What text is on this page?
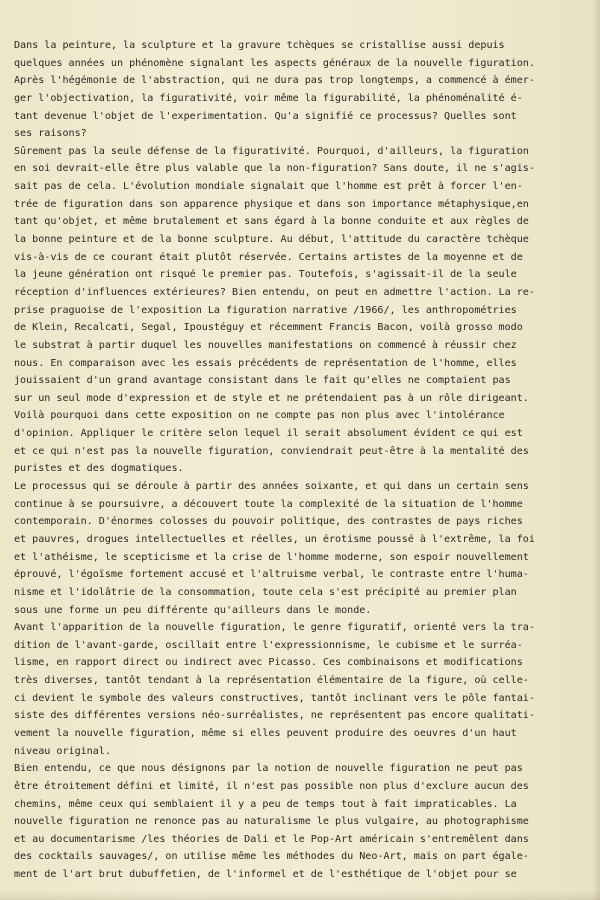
Dans la peinture, la sculpture et la gravure tchèques se cristallise aussi depuis
quelques années un phénomène signalant les aspects généraux de la nouvelle figuration.
Après l'hégémonie de l'abstraction, qui ne dura pas trop longtemps, a commencé à émer-
ger l'objectivation, la figurativité, voir même la figurabilité, la phénoménalité é-
tant devenue l'objet de l'experimentation. Qu'a signifié ce processus? Quelles sont
ses raisons?
Sûrement pas la seule défense de la figurativité. Pourquoi, d'ailleurs, la figuration
en soi devrait-elle être plus valable que la non-figuration? Sans doute, il ne s'agis-
sait pas de cela. L'évolution mondiale signalait que l'homme est prêt à forcer l'en-
trée de figuration dans son apparence physique et dans son importance métaphysique,en
tant qu'objet, et même brutalement et sans égard à la bonne conduite et aux règles de
la bonne peinture et de la bonne sculpture. Au début, l'attitude du caractère tchèque
vis-à-vis de ce courant était plutôt réservée. Certains artistes de la moyenne et de
la jeune génération ont risqué le premier pas. Toutefois, s'agissait-il de la seule
réception d'influences extérieures? Bien entendu, on peut en admettre l'action. La re-
prise praguoise de l'exposition La figuration narrative /1966/, les anthropométries
de Klein, Recalcati, Segal, Ipoustéguy et récemment Francis Bacon, voilà grosso modo
le substrat à partir duquel les nouvelles manifestations on commencé à réussir chez
nous. En comparaison avec les essais précédents de représentation de l'homme, elles
jouissaient d'un grand avantage consistant dans le fait qu'elles ne comptaient pas
sur un seul mode d'expression et de style et ne prétendaient pas à un rôle dirigeant.
Voilà pourquoi dans cette exposition on ne compte pas non plus avec l'intolérance
d'opinion. Appliquer le critère selon lequel il serait absolument évident ce qui est
et ce qui n'est pas la nouvelle figuration, conviendrait peut-être à la mentalité des
puristes et des dogmatiques.
Le processus qui se déroule à partir des années soixante, et qui dans un certain sens
continue à se poursuivre, a découvert toute la complexité de la situation de l'homme
contemporain. D'énormes colosses du pouvoir politique, des contrastes de pays riches
et pauvres, drogues intellectuelles et réelles, un érotisme poussé à l'extrême, la foi
et l'athéisme, le scepticisme et la crise de l'homme moderne, son espoir nouvellement
éprouvé, l'égoïsme fortement accusé et l'altruisme verbal, le contraste entre l'huma-
nisme et l'idolâtrie de la consommation, toute cela s'est précipité au premier plan
sous une forme un peu différente qu'ailleurs dans le monde.
Avant l'apparition de la nouvelle figuration, le genre figuratif, orienté vers la tra-
dition de l'avant-garde, oscillait entre l'expressionnisme, le cubisme et le surréa-
lisme, en rapport direct ou indirect avec Picasso. Ces combinaisons et modifications
très diverses, tantôt tendant à la représentation élémentaire de la figure, où celle-
ci devient le symbole des valeurs constructives, tantôt inclinant vers le pôle fantai-
siste des différentes versions néo-surréalistes, ne représentent pas encore qualitati-
vement la nouvelle figuration, même si elles peuvent produire des oeuvres d'un haut
niveau original.
Bien entendu, ce que nous désignons par la notion de nouvelle figuration ne peut pas
être étroitement défini et limité, il n'est pas possible non plus d'exclure aucun des
chemins, même ceux qui semblaient il y a peu de temps tout à fait impraticables. La
nouvelle figuration ne renonce pas au naturalisme le plus vulgaire, au photographisme
et au documentarisme /les théories de Dali et le Pop-Art américain s'entremêlent dans
des cocktails sauvages/, on utilise même les méthodes du Neo-Art, mais on part égale-
ment de l'art brut dubuffetien, de l'informel et de l'esthétique de l'objet pour se
